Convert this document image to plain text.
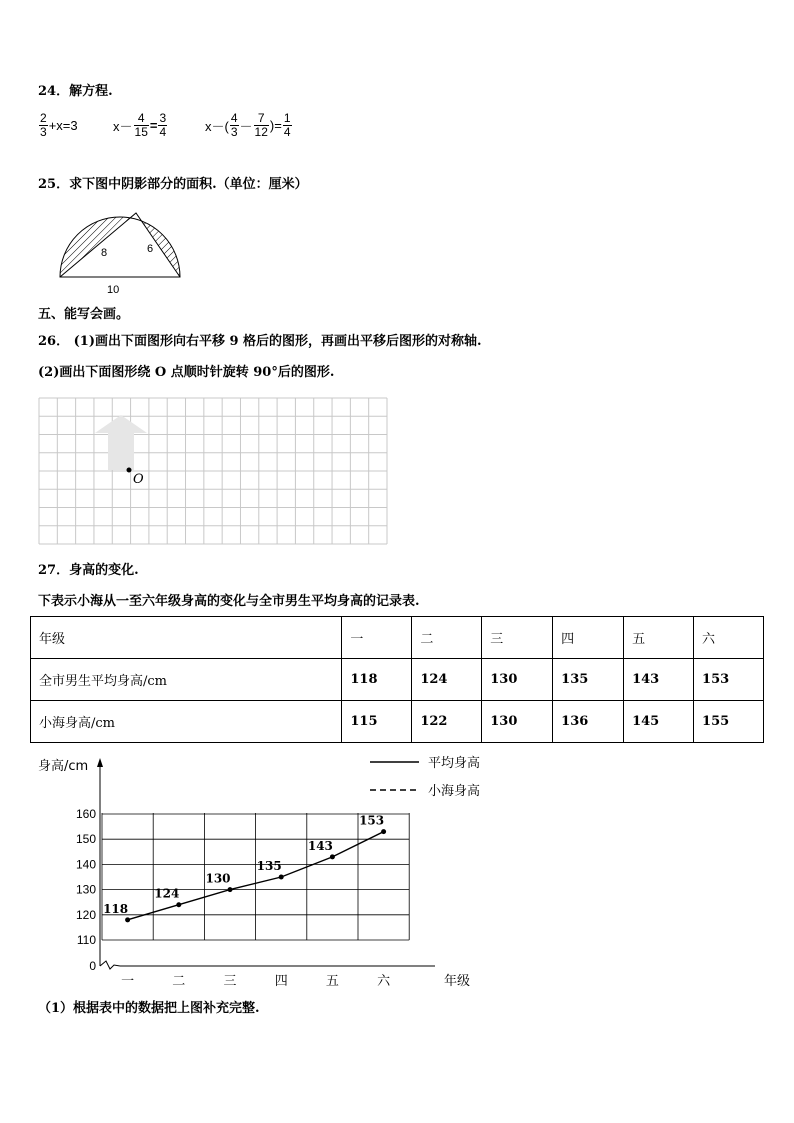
24．解方程.
$\frac{2}{3} +x=3$	$x- \frac{4}{15} = \frac{3}{4}$	$x-( \frac{4}{3} - \frac{7}{12}$ )= $\frac{1}{4}$
25．求下图中阴影部分的面积.（单位：厘米）
8	6
10
五、能写会画。
26． (1)画出下面图形向右平移 9 格后的图形，再画出平移后图形的对称轴.
(2)画出下面图形绕 O 点顺时针旋转 90°后的图形.
O
27．身高的变化.
下表示小海从一至六年级身高的变化与全市男生平均身高的记录表.
年级	一	二	三	四	五	六
全市男生平均身高/cm	118	124	130	135	143	153
小海身高/cm	115	122	130	136	145	155
身高/cm
年级
0
110
120
130
140
150
160
一	二	三	四	五	六
118
124
130
135
143
153
平均身高
小海身高
（1）根据表中的数据把上图补充完整.
